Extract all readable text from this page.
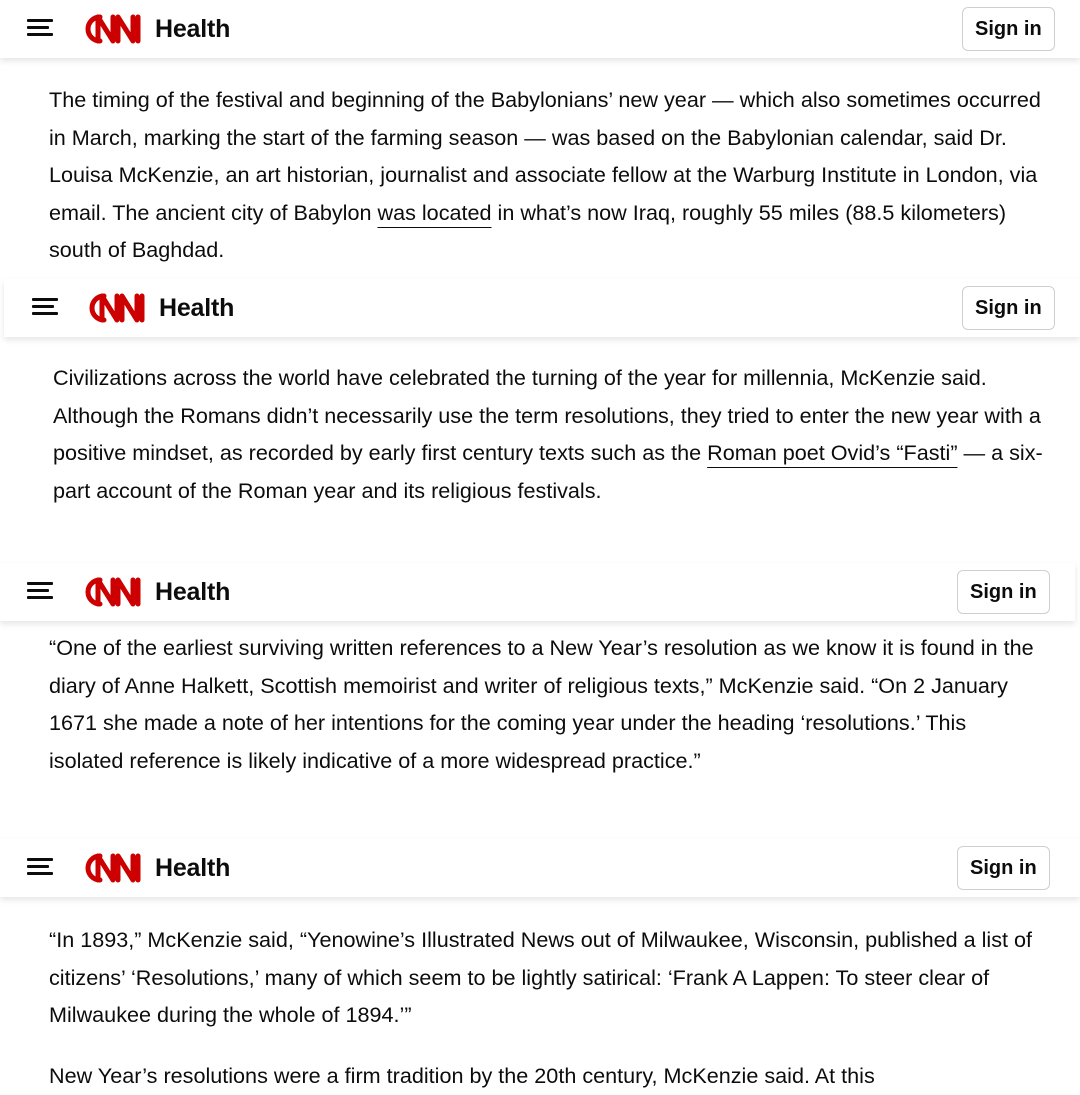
Health	Sign in

The timing of the festival and beginning of the Babylonians’ new year — which also sometimes occurred in March, marking the start of the farming season — was based on the Babylonian calendar, said Dr. Louisa McKenzie, an art historian, journalist and associate fellow at the Warburg Institute in London, via email. The ancient city of Babylon was located in what’s now Iraq, roughly 55 miles (88.5 kilometers) south of Baghdad.

Health	Sign in

Civilizations across the world have celebrated the turning of the year for millennia, McKenzie said. Although the Romans didn’t necessarily use the term resolutions, they tried to enter the new year with a positive mindset, as recorded by early first century texts such as the Roman poet Ovid’s “Fasti” — a six-part account of the Roman year and its religious festivals.

Health	Sign in

“One of the earliest surviving written references to a New Year’s resolution as we know it is found in the diary of Anne Halkett, Scottish memoirist and writer of religious texts,” McKenzie said. “On 2 January 1671 she made a note of her intentions for the coming year under the heading ‘resolutions.’ This isolated reference is likely indicative of a more widespread practice.”

Health	Sign in

“In 1893,” McKenzie said, “Yenowine’s Illustrated News out of Milwaukee, Wisconsin, published a list of citizens’ ‘Resolutions,’ many of which seem to be lightly satirical: ‘Frank A Lappen: To steer clear of Milwaukee during the whole of 1894.’”

New Year’s resolutions were a firm tradition by the 20th century, McKenzie said. At this
